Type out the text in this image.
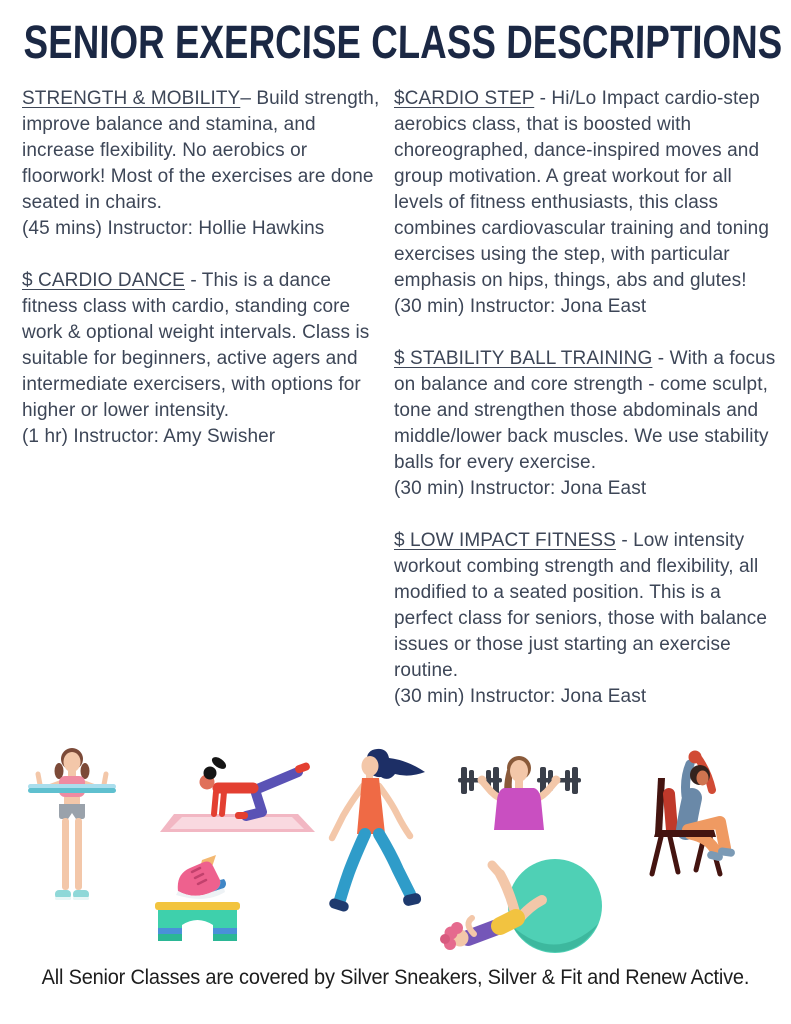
SENIOR EXERCISE CLASS DESCRIPTIONS

STRENGTH & MOBILITY– Build strength, improve balance and stamina, and increase flexibility. No aerobics or floorwork! Most of the exercises are done seated in chairs.
(45 mins) Instructor: Hollie Hawkins

$ CARDIO DANCE - This is a dance fitness class with cardio, standing core work & optional weight intervals. Class is suitable for beginners, active agers and intermediate exercisers, with options for higher or lower intensity.
(1 hr) Instructor: Amy Swisher

$CARDIO STEP - Hi/Lo Impact cardio-step aerobics class, that is boosted with choreographed, dance-inspired moves and group motivation. A great workout for all levels of fitness enthusiasts, this class combines cardiovascular training and toning exercises using the step, with particular emphasis on hips, things, abs and glutes!
(30 min) Instructor: Jona East

$ STABILITY BALL TRAINING - With a focus on balance and core strength - come sculpt, tone and strengthen those abdominals and middle/lower back muscles. We use stability balls for every exercise.
(30 min) Instructor: Jona East

$ LOW IMPACT FITNESS - Low intensity workout combing strength and flexibility, all modified to a seated position. This is a perfect class for seniors, those with balance issues or those just starting an exercise routine.
(30 min) Instructor: Jona East

All Senior Classes are covered by Silver Sneakers, Silver & Fit and Renew Active.
